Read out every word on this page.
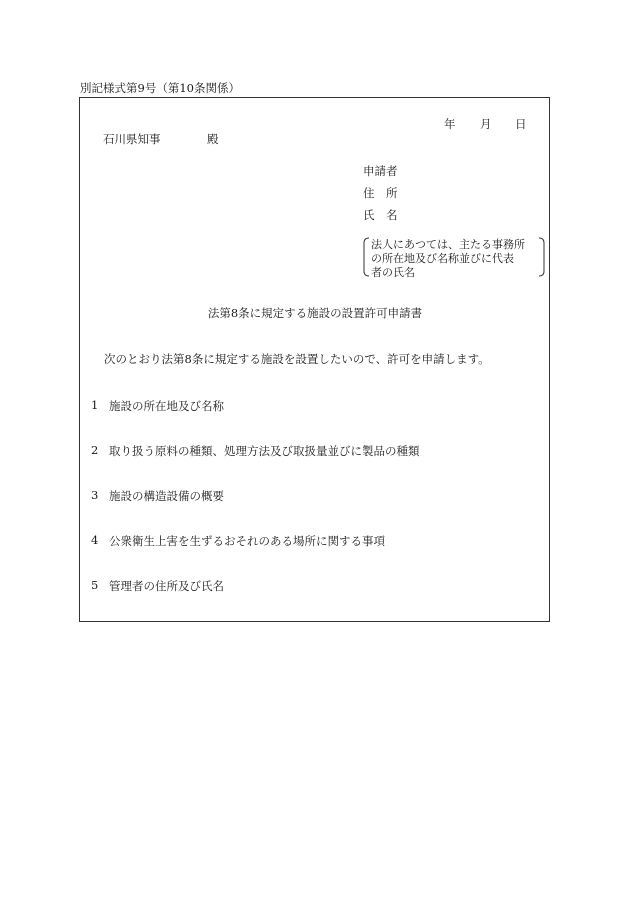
別記様式第9号（第10条関係）
年 月 日
石川県知事	殿
申請者
住　所
氏　名
法人にあつては、主たる事務所
の所在地及び名称並びに代表
者の氏名
法第8条に規定する施設の設置許可申請書
次のとおり法第8条に規定する施設を設置したいので、許可を申請します。
1 施設の所在地及び名称
2 取り扱う原料の種類、処理方法及び取扱量並びに製品の種類
3 施設の構造設備の概要
4 公衆衛生上害を生ずるおそれのある場所に関する事項
5 管理者の住所及び氏名
